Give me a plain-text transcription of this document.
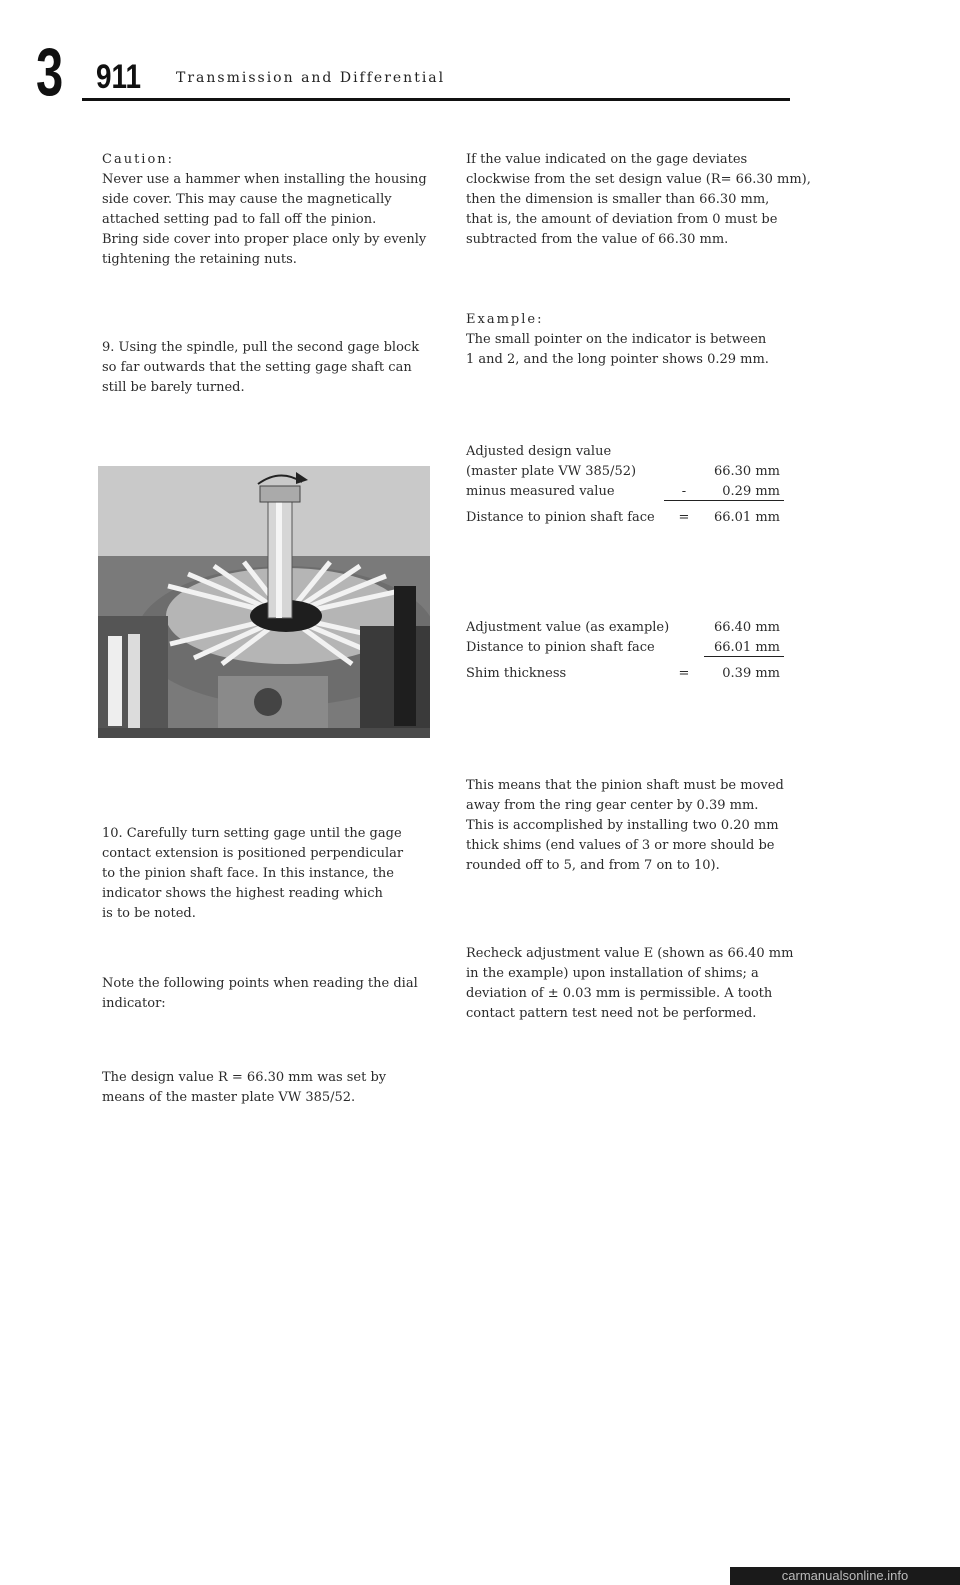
3 911	Transmission and Differential
Caution:
Never use a hammer when installing the housing
side cover. This may cause the magnetically
attached setting pad to fall off the pinion.
Bring side cover into proper place only by evenly
tightening the retaining nuts.
9. Using the spindle, pull the second gage block
so far outwards that the setting gage shaft can
still be barely turned.
10. Carefully turn setting gage until the gage
contact extension is positioned perpendicular
to the pinion shaft face. In this instance, the
indicator shows the highest reading which
is to be noted.
Note the following points when reading the dial
indicator:
The design value R = 66.30 mm was set by
means of the master plate VW 385/52.
If the value indicated on the gage deviates
clockwise from the set design value (R= 66.30 mm),
then the dimension is smaller than 66.30 mm,
that is, the amount of deviation from 0 must be
subtracted from the value of 66.30 mm.
Example:
The small pointer on the indicator is between
1 and 2, and the long pointer shows 0.29 mm.
Adjusted design value
(master plate VW 385/52)	66.30 mm
minus measured value	-	0.29 mm
Distance to pinion shaft face	=	66.01 mm
Adjustment value (as example)	66.40 mm
Distance to pinion shaft face	66.01 mm
Shim thickness	=	0.39 mm
This means that the pinion shaft must be moved
away from the ring gear center by 0.39 mm.
This is accomplished by installing two 0.20 mm
thick shims (end values of 3 or more should be
rounded off to 5, and from 7 on to 10).
Recheck adjustment value E (shown as 66.40 mm
in the example) upon installation of shims; a
deviation of ± 0.03 mm is permissible. A tooth
contact pattern test need not be performed.
carmanualsonline.info
